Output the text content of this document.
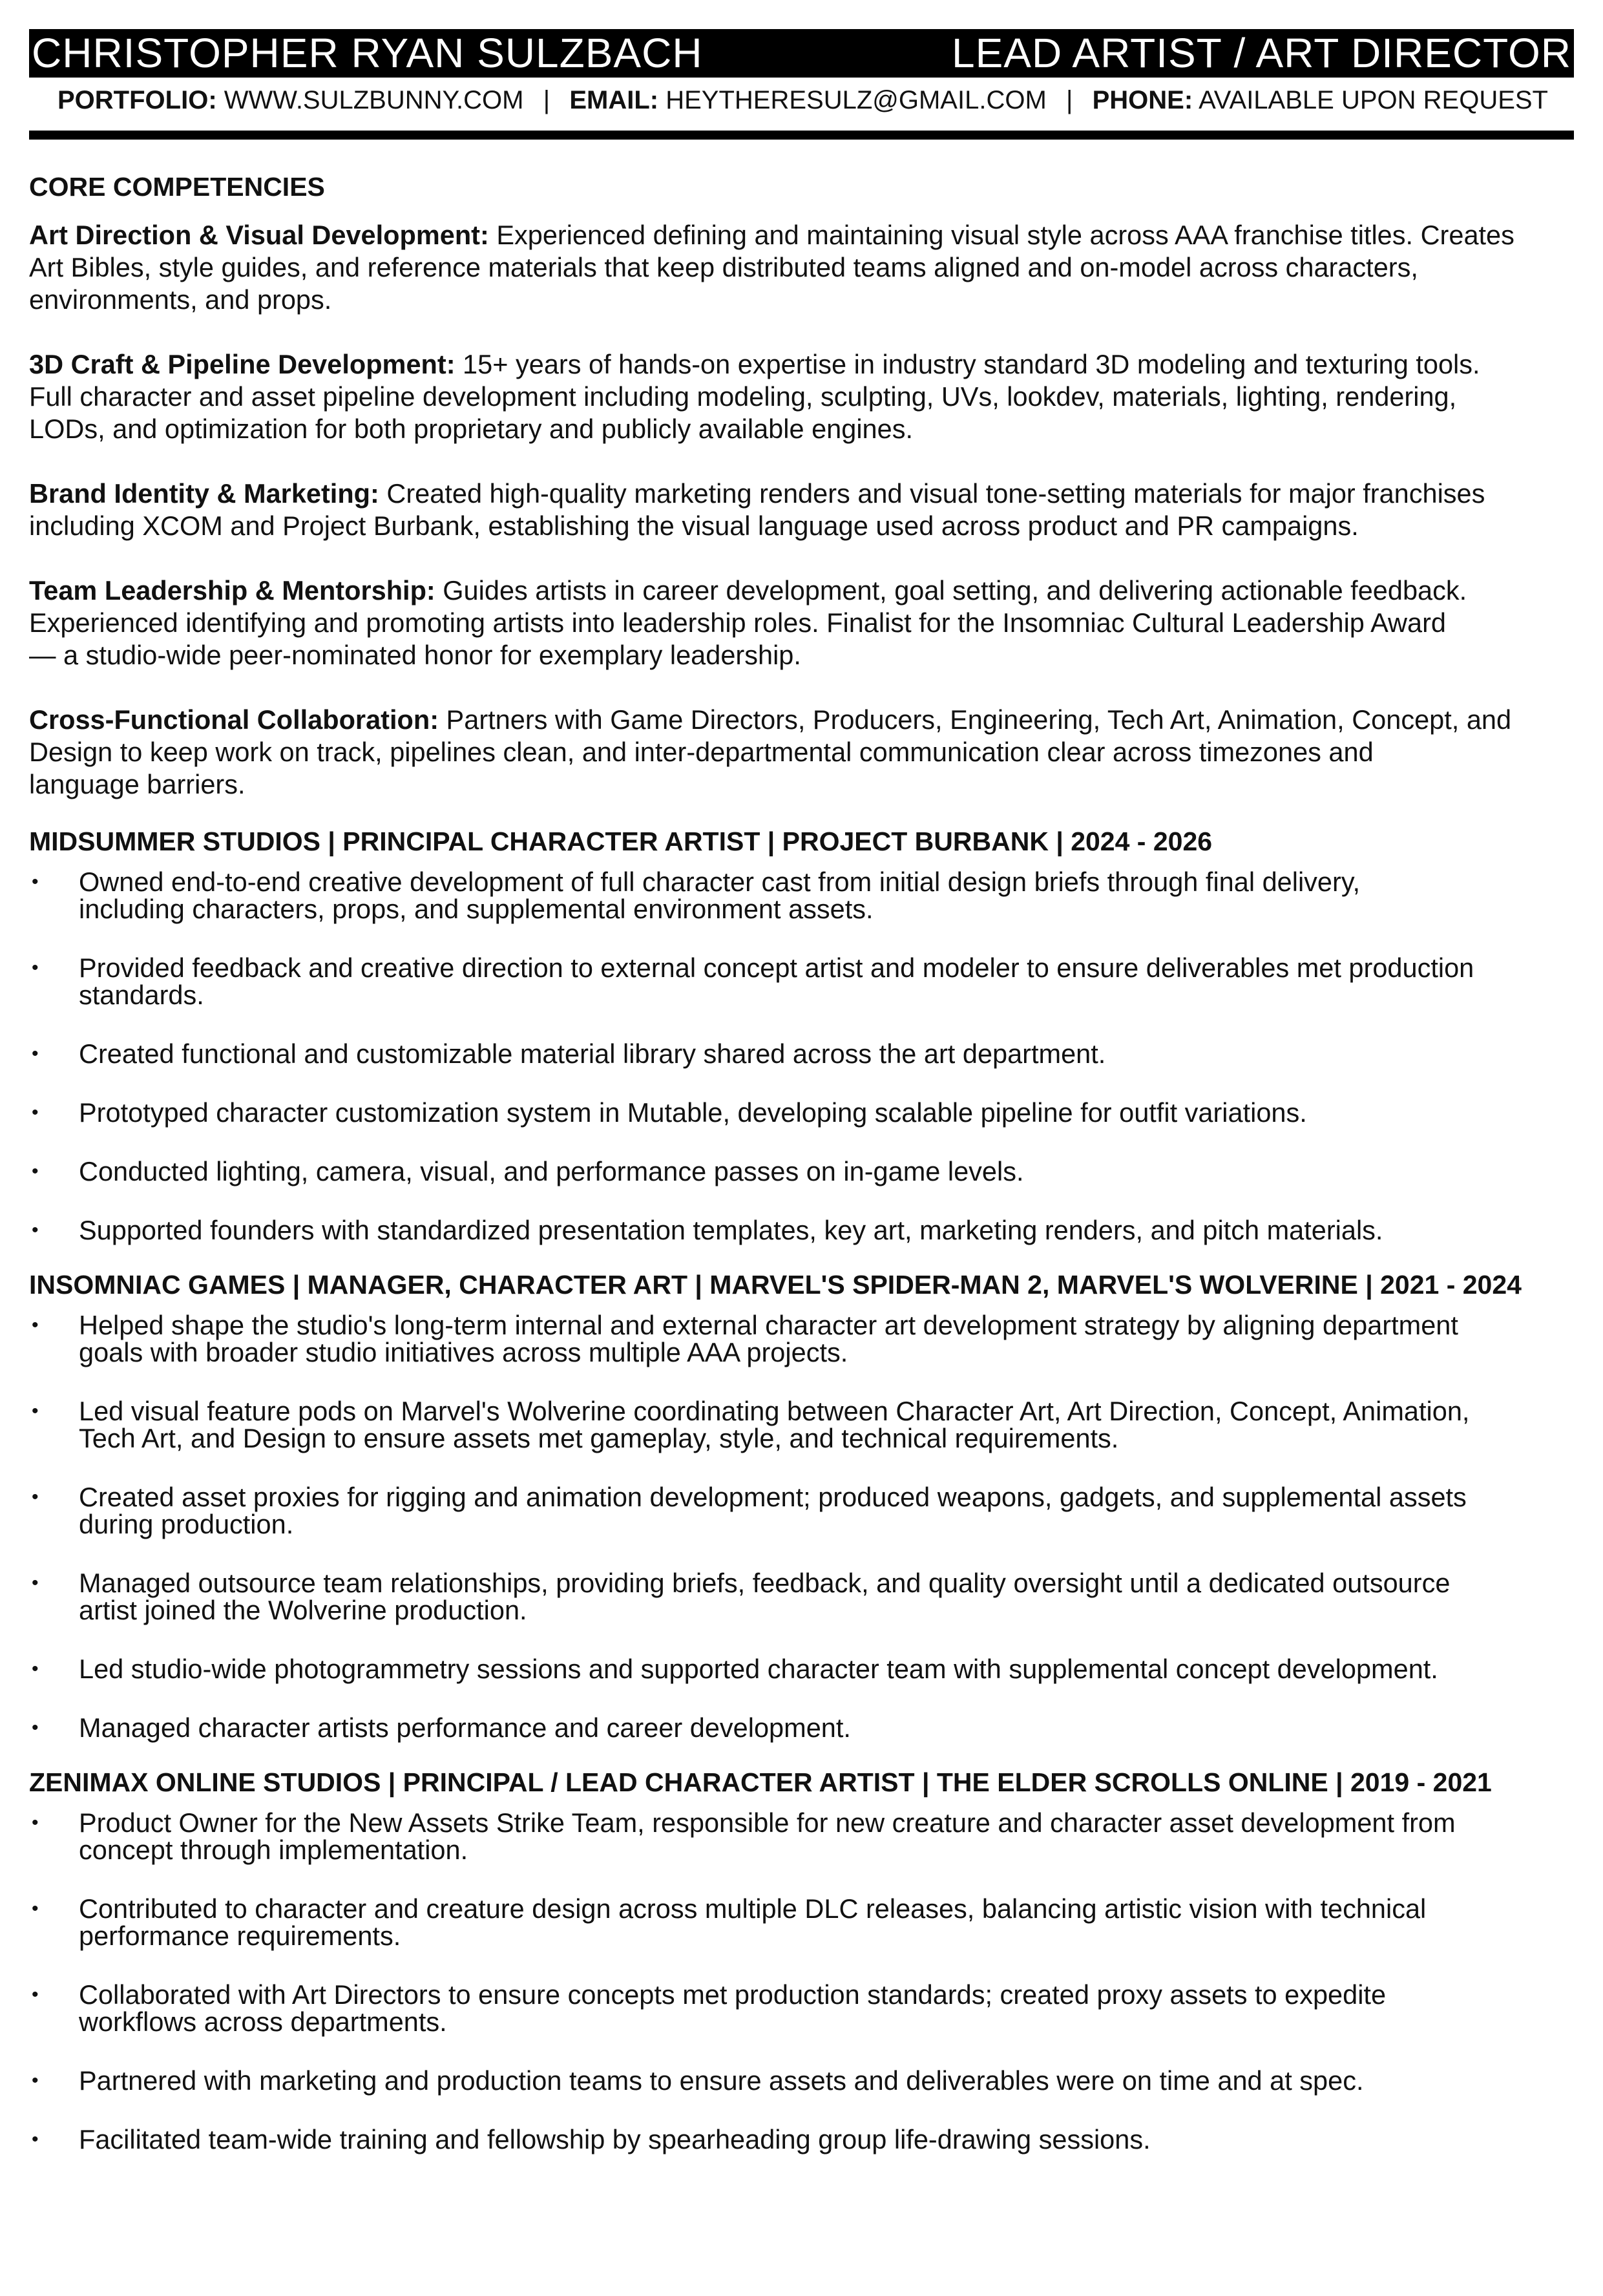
CHRISTOPHER RYAN SULZBACH	LEAD ARTIST / ART DIRECTOR
PORTFOLIO: WWW.SULZBUNNY.COM | EMAIL: HEYTHERESULZ@GMAIL.COM | PHONE: AVAILABLE UPON REQUEST
CORE COMPETENCIES

Art Direction & Visual Development: Experienced defining and maintaining visual style across AAA franchise titles. Creates
Art Bibles, style guides, and reference materials that keep distributed teams aligned and on-model across characters,
environments, and props.

3D Craft & Pipeline Development: 15+ years of hands-on expertise in industry standard 3D modeling and texturing tools.
Full character and asset pipeline development including modeling, sculpting, UVs, lookdev, materials, lighting, rendering,
LODs, and optimization for both proprietary and publicly available engines.

Brand Identity & Marketing: Created high-quality marketing renders and visual tone-setting materials for major franchises
including XCOM and Project Burbank, establishing the visual language used across product and PR campaigns.

Team Leadership & Mentorship: Guides artists in career development, goal setting, and delivering actionable feedback.
Experienced identifying and promoting artists into leadership roles. Finalist for the Insomniac Cultural Leadership Award
— a studio-wide peer-nominated honor for exemplary leadership.

Cross-Functional Collaboration: Partners with Game Directors, Producers, Engineering, Tech Art, Animation, Concept, and
Design to keep work on track, pipelines clean, and inter-departmental communication clear across timezones and
language barriers.

MIDSUMMER STUDIOS | PRINCIPAL CHARACTER ARTIST | PROJECT BURBANK | 2024 - 2026
• Owned end-to-end creative development of full character cast from initial design briefs through final delivery,
including characters, props, and supplemental environment assets.
• Provided feedback and creative direction to external concept artist and modeler to ensure deliverables met production
standards.
• Created functional and customizable material library shared across the art department.
• Prototyped character customization system in Mutable, developing scalable pipeline for outfit variations.
• Conducted lighting, camera, visual, and performance passes on in-game levels.
• Supported founders with standardized presentation templates, key art, marketing renders, and pitch materials.
INSOMNIAC GAMES | MANAGER, CHARACTER ART | MARVEL'S SPIDER-MAN 2, MARVEL'S WOLVERINE | 2021 - 2024
• Helped shape the studio's long-term internal and external character art development strategy by aligning department
goals with broader studio initiatives across multiple AAA projects.
• Led visual feature pods on Marvel's Wolverine coordinating between Character Art, Art Direction, Concept, Animation,
Tech Art, and Design to ensure assets met gameplay, style, and technical requirements.
• Created asset proxies for rigging and animation development; produced weapons, gadgets, and supplemental assets
during production.
• Managed outsource team relationships, providing briefs, feedback, and quality oversight until a dedicated outsource
artist joined the Wolverine production.
• Led studio-wide photogrammetry sessions and supported character team with supplemental concept development.
• Managed character artists performance and career development.
ZENIMAX ONLINE STUDIOS | PRINCIPAL / LEAD CHARACTER ARTIST | THE ELDER SCROLLS ONLINE | 2019 - 2021
• Product Owner for the New Assets Strike Team, responsible for new creature and character asset development from
concept through implementation.
• Contributed to character and creature design across multiple DLC releases, balancing artistic vision with technical
performance requirements.
• Collaborated with Art Directors to ensure concepts met production standards; created proxy assets to expedite
workflows across departments.
• Partnered with marketing and production teams to ensure assets and deliverables were on time and at spec.
• Facilitated team-wide training and fellowship by spearheading group life-drawing sessions.
